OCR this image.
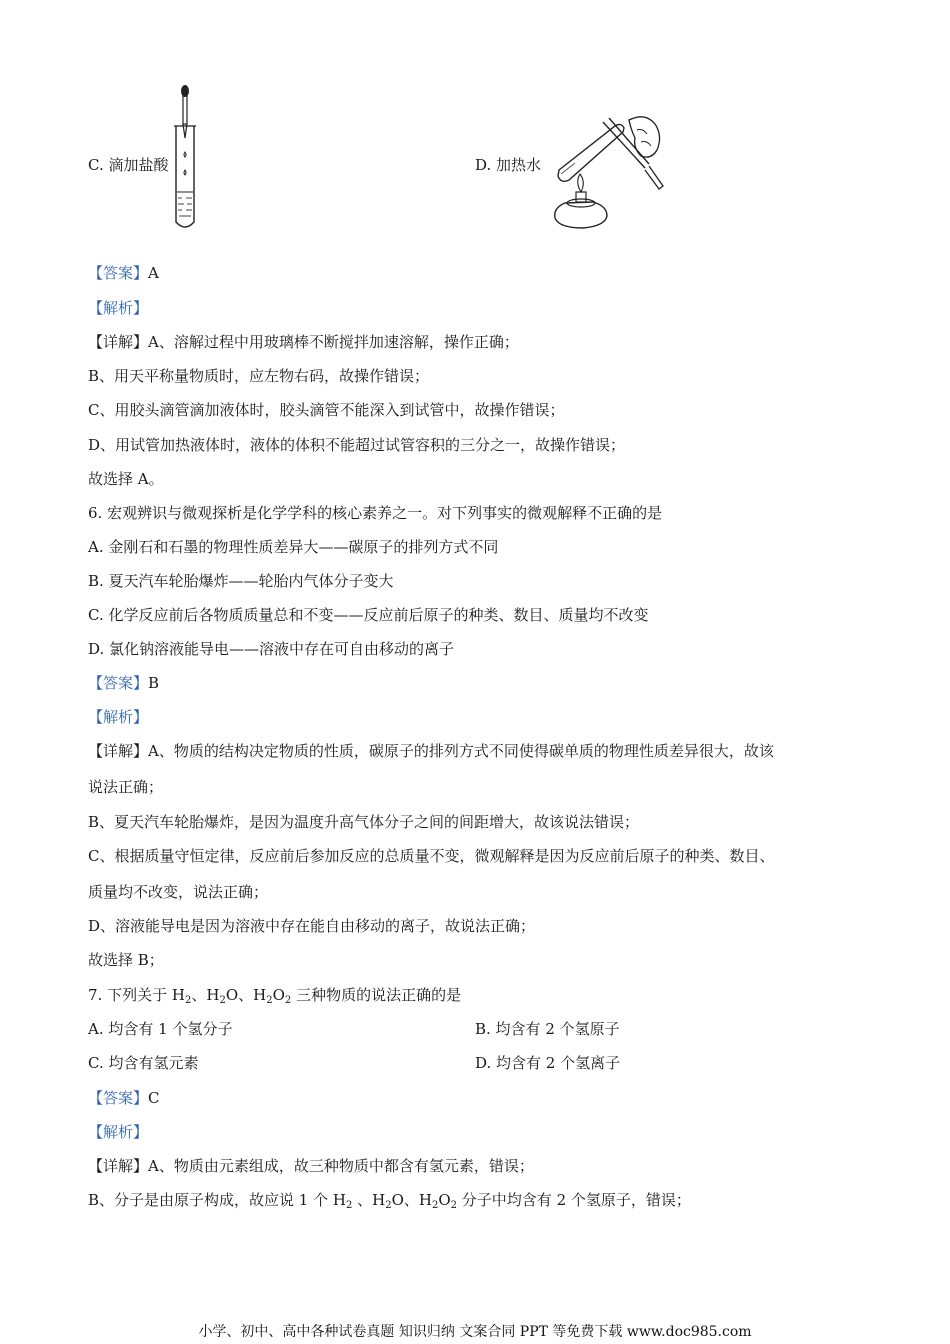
C. 滴加盐酸	D. 加热水
【答案】A
【解析】
【详解】A、溶解过程中用玻璃棒不断搅拌加速溶解，操作正确；
B、用天平称量物质时，应左物右码，故操作错误；
C、用胶头滴管滴加液体时，胶头滴管不能深入到试管中，故操作错误；
D、用试管加热液体时，液体的体积不能超过试管容积的三分之一，故操作错误；
故选择 A。
6. 宏观辨识与微观探析是化学学科的核心素养之一。对下列事实的微观解释不正确的是
A. 金刚石和石墨的物理性质差异大——碳原子的排列方式不同
B. 夏天汽车轮胎爆炸——轮胎内气体分子变大
C. 化学反应前后各物质质量总和不变——反应前后原子的种类、数目、质量均不改变
D. 氯化钠溶液能导电——溶液中存在可自由移动的离子
【答案】B
【解析】
【详解】A、物质的结构决定物质的性质，碳原子的排列方式不同使得碳单质的物理性质差异很大，故该
说法正确；
B、夏天汽车轮胎爆炸，是因为温度升高气体分子之间的间距增大，故该说法错误；
C、根据质量守恒定律，反应前后参加反应的总质量不变，微观解释是因为反应前后原子的种类、数目、
质量均不改变，说法正确；
D、溶液能导电是因为溶液中存在能自由移动的离子，故说法正确；
故选择 B；
7. 下列关于 $H_2$、$H_2O$、$H_2O_2$ 三种物质的说法正确的是
A. 均含有 1 个氢分子	B. 均含有 2 个氢原子
C. 均含有氢元素	D. 均含有 2 个氢离子
【答案】C
【解析】
【详解】A、物质由元素组成，故三种物质中都含有氢元素，错误；
B、分子是由原子构成，故应说 1 个 $H_2$ 、$H_2O$、$H_2O_2$ 分子中均含有 2 个氢原子，错误；
小学、初中、高中各种试卷真题 知识归纳 文案合同 PPT 等免费下载 www.doc985.com
